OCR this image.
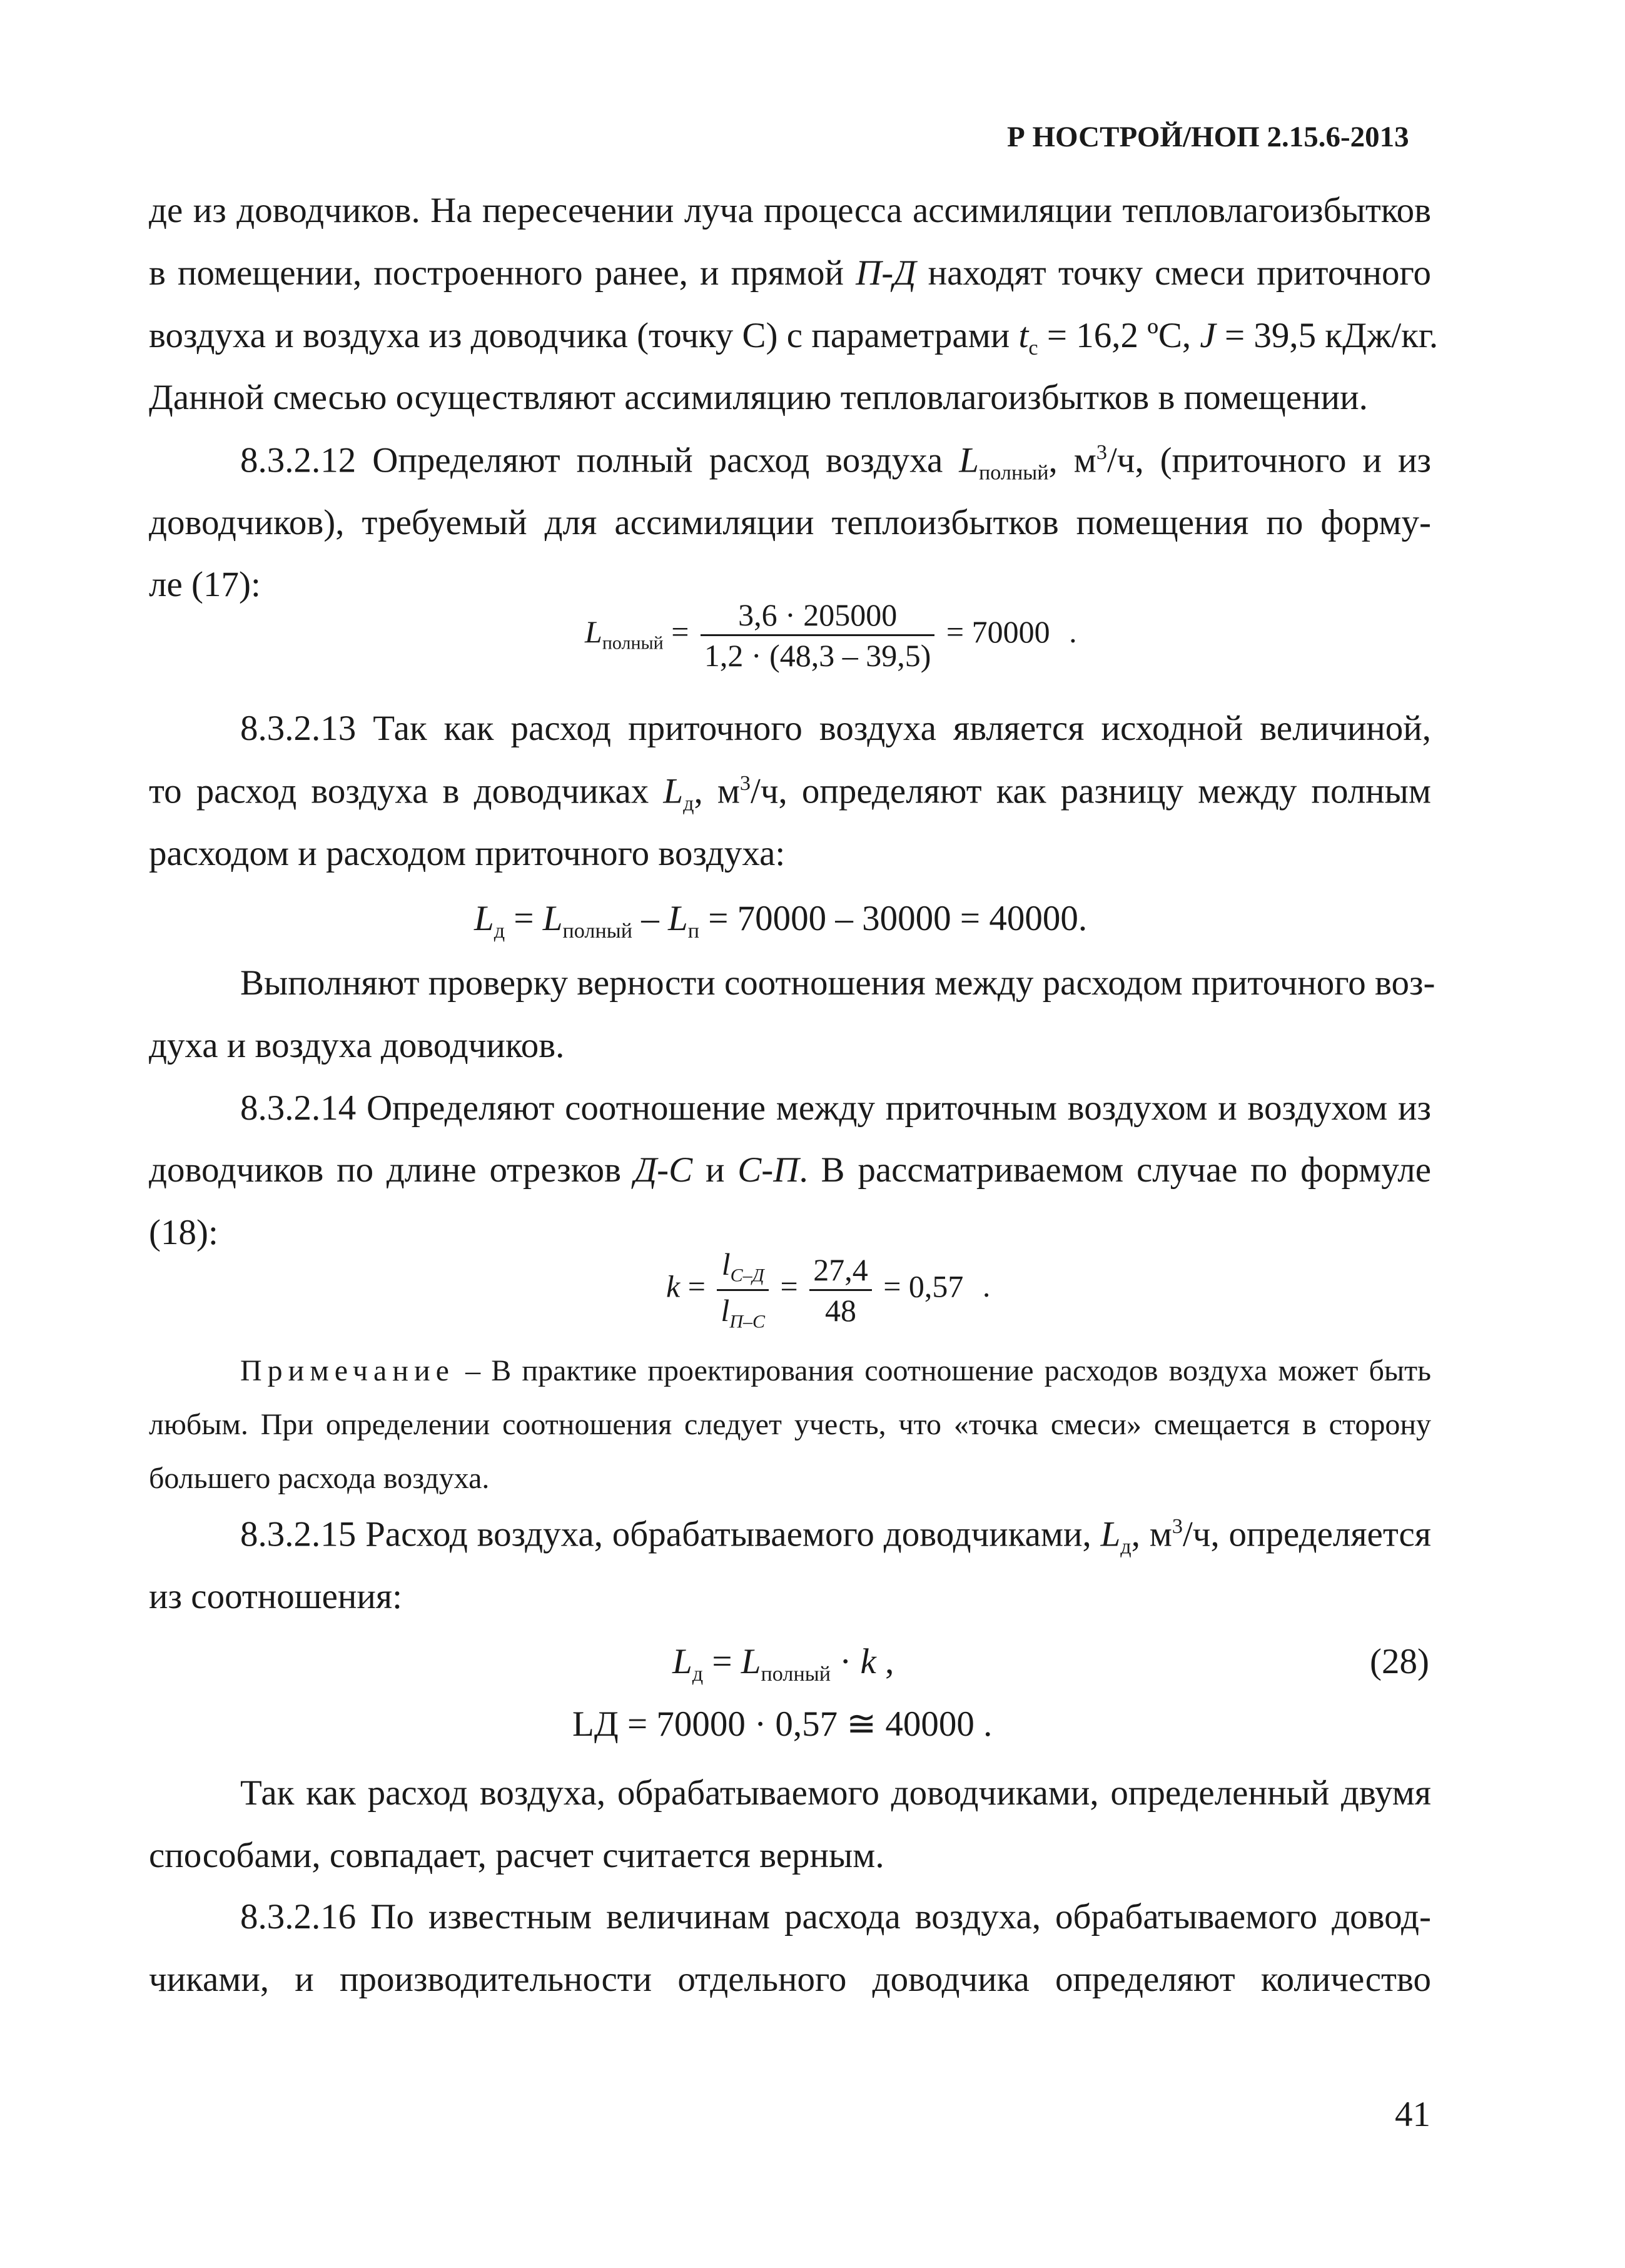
Р НОСТРОЙ/НОП 2.15.6-2013
де из доводчиков. На пересечении луча процесса ассимиляции тепловлагоизбытков
в помещении, построенного ранее, и прямой П-Д находят точку смеси приточного
воздуха и воздуха из доводчика (точку С) с параметрами $t_с = 16,2$ ºС, J = 39,5 кДж/кг.
Данной смесью осуществляют ассимиляцию тепловлагоизбытков в помещении.
8.3.2.12 Определяют полный расход воздуха $L_{полный}$, $м^3/ч$, (приточного и из
доводчиков), требуемый для ассимиляции теплоизбытков помещения по форму-
ле (17):
$L_{полный} = \frac{3,6 \cdot 205000}{1,2 \cdot (48,3 - 39,5)} = 70000$ .
8.3.2.13 Так как расход приточного воздуха является исходной величиной,
то расход воздуха в доводчиках $L_д$, $м^3/ч$, определяют как разницу между полным
расходом и расходом приточного воздуха:
$L_д = L_{полный} - L_п = 70000 - 30000 = 40000$.
Выполняют проверку верности соотношения между расходом приточного воз-
духа и воздуха доводчиков.
8.3.2.14 Определяют соотношение между приточным воздухом и воздухом из
доводчиков по длине отрезков Д-С и С-П. В рассматриваемом случае по формуле
(18):
$k = \frac{l_{С-Д}}{l_{П-С}} = \frac{27,4}{48} = 0,57$ .
Примечание – В практике проектирования соотношение расходов воздуха может быть
любым. При определении соотношения следует учесть, что «точка смеси» смещается в сторону
большего расхода воздуха.
8.3.2.15 Расход воздуха, обрабатываемого доводчиками, $L_д$, $м^3/ч$, определяется
из соотношения:
$L_д = L_{полный} \cdot k$ ,	(28)
LД = 70000 · 0,57 ≅ 40000 .
Так как расход воздуха, обрабатываемого доводчиками, определенный двумя
способами, совпадает, расчет считается верным.
8.3.2.16 По известным величинам расхода воздуха, обрабатываемого довод-
чиками, и производительности отдельного доводчика определяют количество
41
